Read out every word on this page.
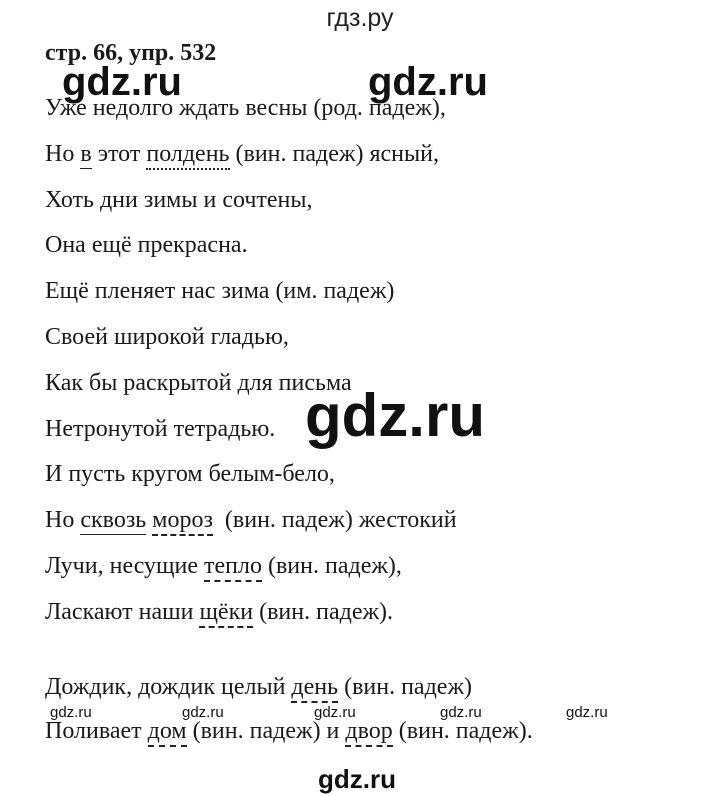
гдз.ру
стр. 66, упр. 532
gdz.ru	gdz.ru
Уже недолго ждать весны (род. падеж),
Но в этот полдень (вин. падеж) ясный,
Хоть дни зимы и сочтены,
Она ещё прекрасна.
Ещё пленяет нас зима (им. падеж)
Своей широкой гладью,
Как бы раскрытой для письма
Нетронутой тетрадью.
И пусть кругом белым-бело,
Но сквозь мороз  (вин. падеж) жестокий
Лучи, несущие тепло (вин. падеж),
Ласкают наши щёки (вин. падеж).
Дождик, дождик целый день (вин. падеж)
Поливает дом (вин. падеж) и двор (вин. падеж).
gdz.ru
gdz.ru	gdz.ru	gdz.ru	gdz.ru	gdz.ru
gdz.ru
